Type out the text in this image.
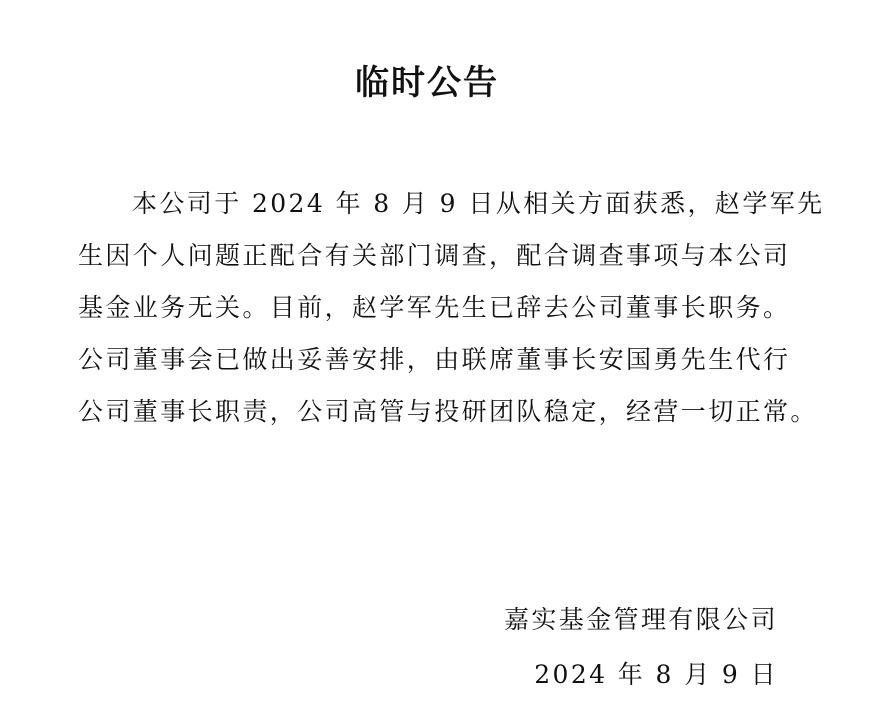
临时公告
本公司于 2024 年 8 月 9 日从相关方面获悉，赵学军先
生因个人问题正配合有关部门调查，配合调查事项与本公司
基金业务无关。目前，赵学军先生已辞去公司董事长职务。
公司董事会已做出妥善安排，由联席董事长安国勇先生代行
公司董事长职责，公司高管与投研团队稳定，经营一切正常。
嘉实基金管理有限公司
2024 年 8 月 9 日
